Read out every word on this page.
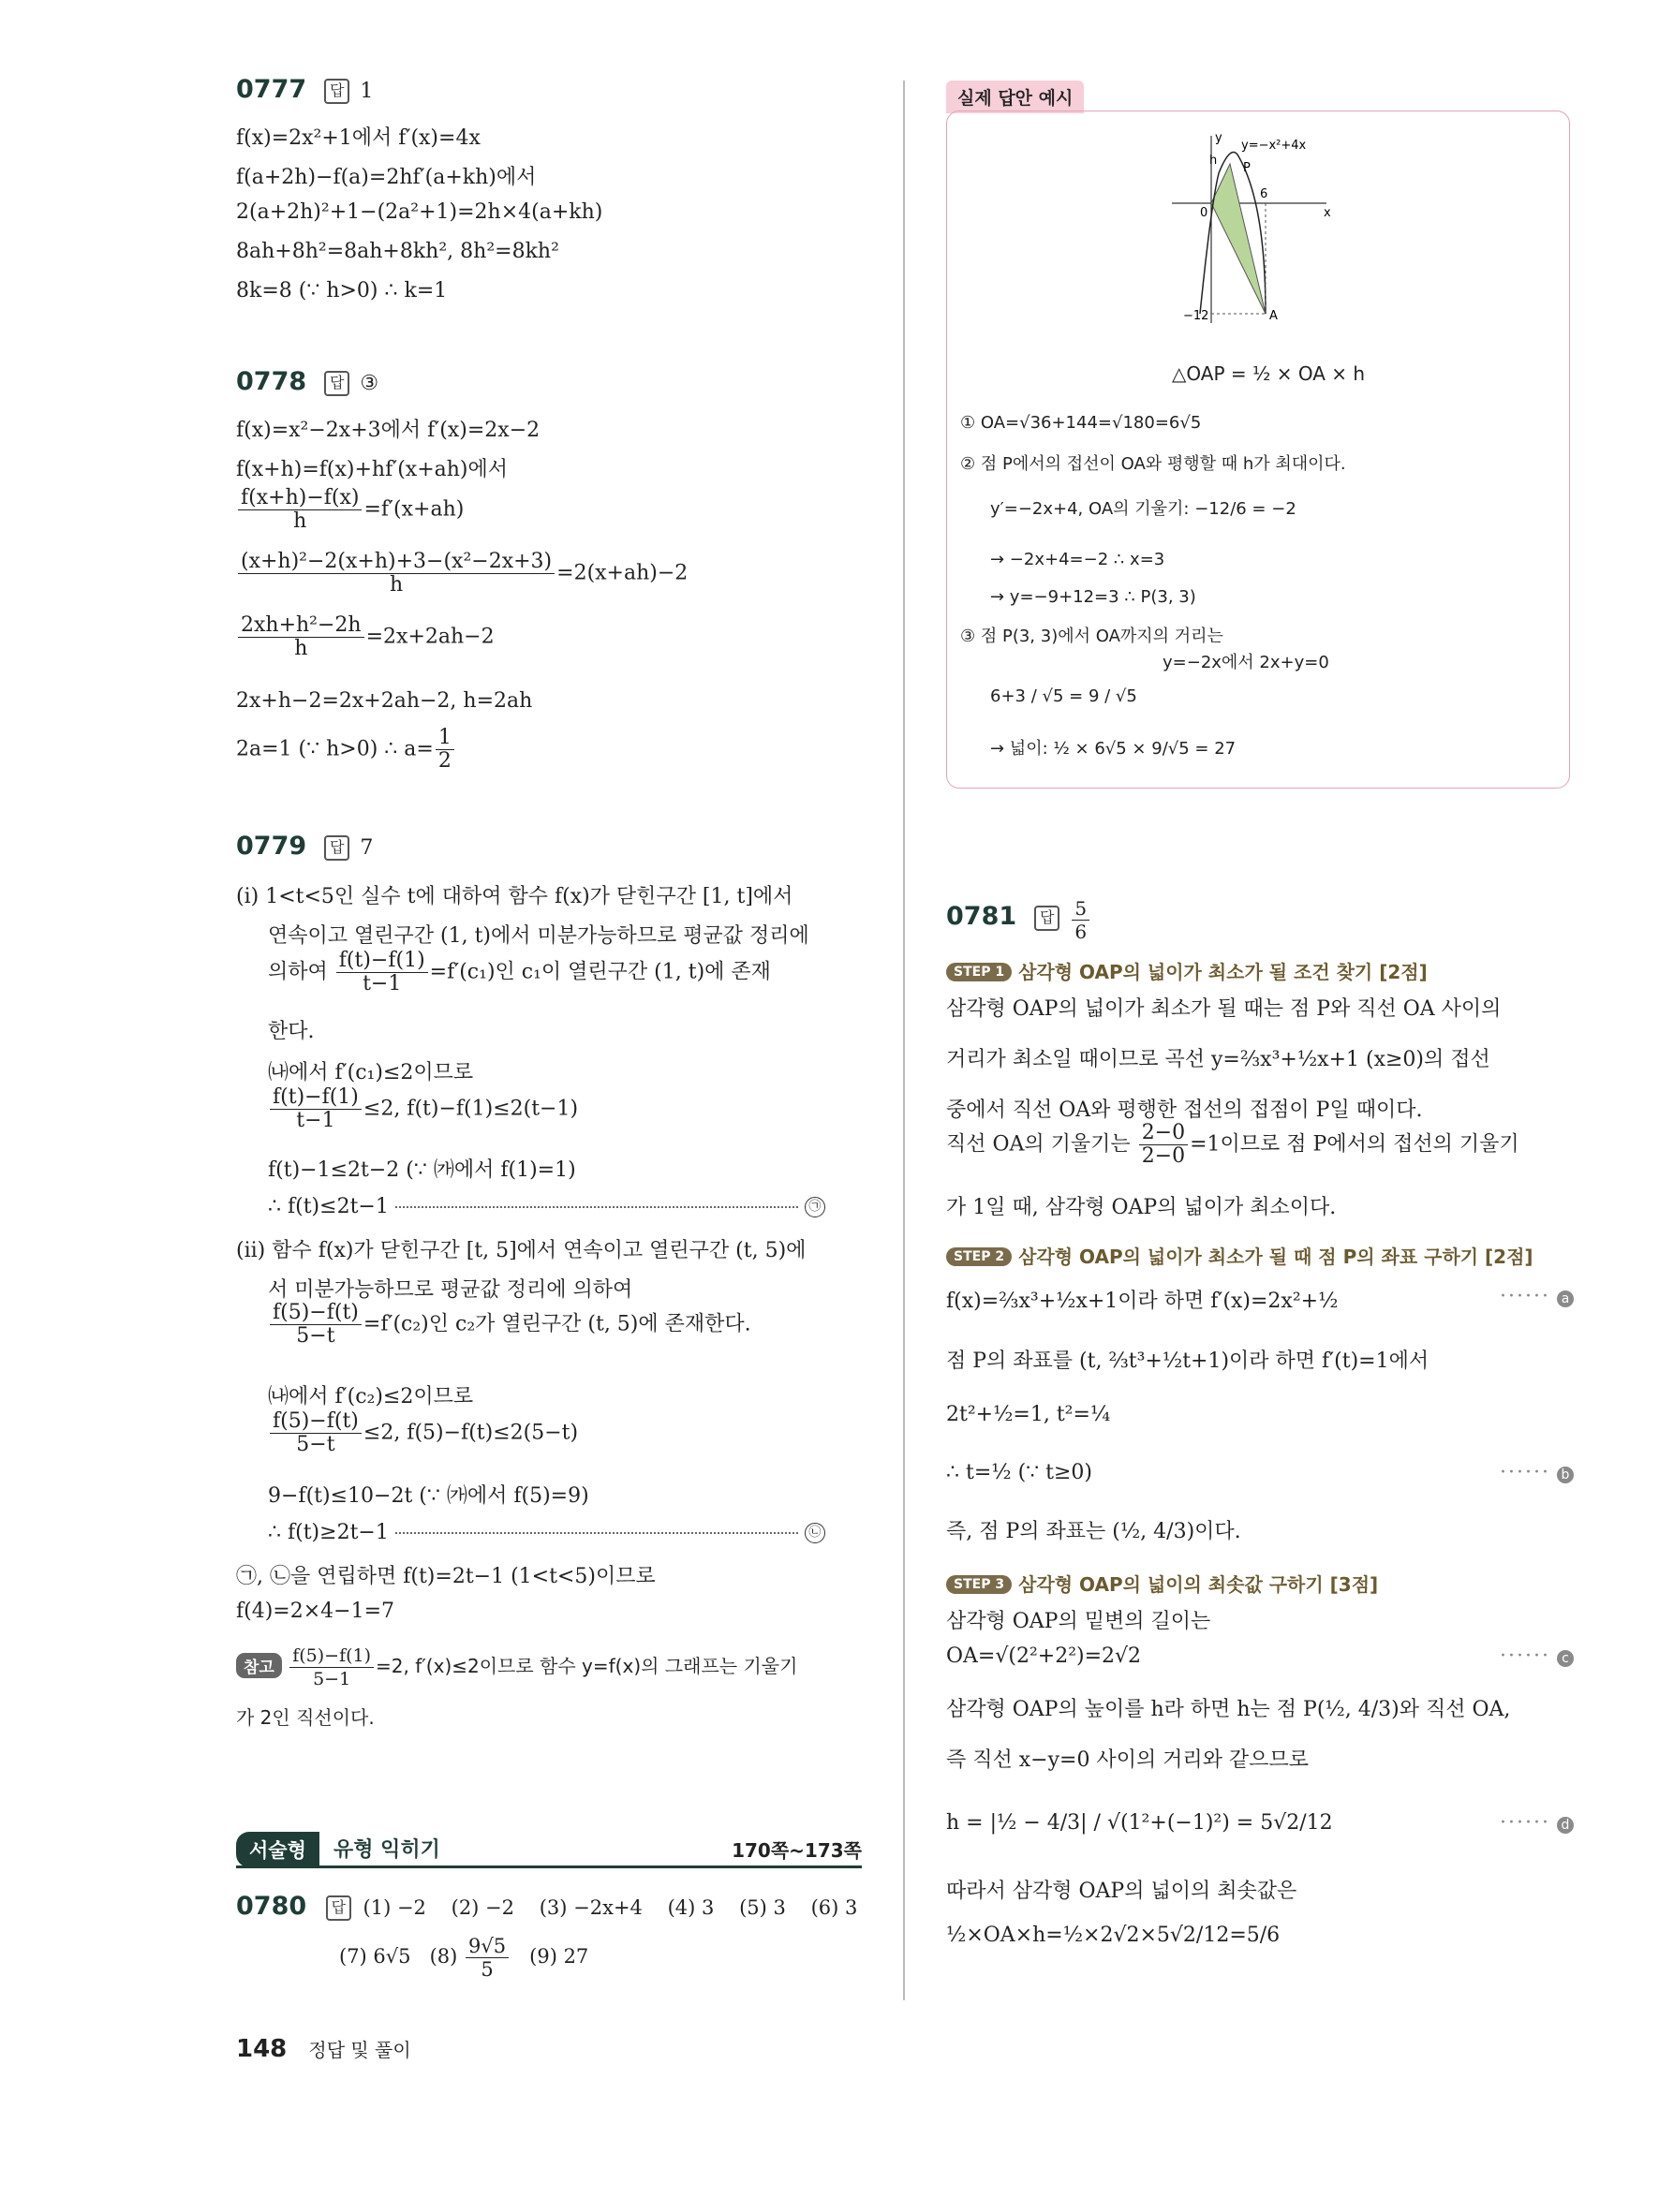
0777 답 1
f(x)=2x²+1에서 f′(x)=4x
f(a+2h)−f(a)=2hf′(a+kh)에서
2(a+2h)²+1−(2a²+1)=2h×4(a+kh)
8ah+8h²=8ah+8kh², 8h²=8kh²
8k=8 (∵ h>0) ∴ k=1
0778 답 ③
f(x)=x²−2x+3에서 f′(x)=2x−2
f(x+h)=f(x)+hf′(x+ah)에서
$\frac{f(x+h)-f(x)}{h} =f'(x+ah)$
$\frac{\text{(x+h)²−2(x+h)+3−(x²−2x+3)}}{h} =2(x+ah)-2$
$\frac{\text{2xh+h²−2h}}{h} =2x+2ah-2$
2x+h−2=2x+2ah−2, h=2ah
2a=1 (∵ h>0) ∴ $a= \frac{1}{2}$
0779 답 7
(ⅰ) 1<t<5인 실수 t에 대하여 함수 f(x)가 닫힌구간 [1, t]에서
연속이고 열린구간 (1, t)에서 미분가능하므로 평균값 정리에
의하여 $\frac{f(t)-f(1)}{t-1} =f'(c_1)$인 c₁이 열린구간 (1, t)에 존재
한다.
㈏에서 f′(c₁)≤2이므로
$\frac{f(t)-f(1)}{t-1} \le 2$, f(t)−f(1)≤2(t−1)
f(t)−1≤2t−2 (∵ ㈎에서 f(1)=1)
∴ f(t)≤2t−1	㉠
(ⅱ) 함수 f(x)가 닫힌구간 [t, 5]에서 연속이고 열린구간 (t, 5)에
서 미분가능하므로 평균값 정리에 의하여
$\frac{f(5)-f(t)}{5-t} =f'(c_2)$인 c₂가 열린구간 (t, 5)에 존재한다.
㈏에서 f′(c₂)≤2이므로
$\frac{f(5)-f(t)}{5-t} \le 2$, f(5)−f(t)≤2(5−t)
9−f(t)≤10−2t (∵ ㈎에서 f(5)=9)
∴ f(t)≥2t−1	㉡
㉠, ㉡을 연립하면 f(t)=2t−1 (1<t<5)이므로
f(4)=2×4−1=7
참고 $\frac{f(5)-f(1)}{5-1} =2$, f′(x)≤2이므로 함수 y=f(x)의 그래프는 기울기
가 2인 직선이다.
서술형	유형 익히기	170쪽~173쪽
0780 답 (1) −2 (2) −2 (3) −2x+4 (4) 3 (5) 3 (6) 3
(7) 6√5 $(8) \frac{9√5}{5} (9)$ 27
실제 답안 예시
y
y=−x²+4x
h
P
6
0	x
−12	A
△OAP = ½ × OA × h
① OA=√36+144=√180=6√5
② 점 P에서의 접선이 OA와 평행할 때 h가 최대이다.
y′=−2x+4, OA의 기울기: −12/6 = −2
→ −2x+4=−2 ∴ x=3
→ y=−9+12=3 ∴ P(3, 3)
③ 점 P(3, 3)에서 OA까지의 거리는
y=−2x에서 2x+y=0
6+3 / √5 = 9 / √5
→ 넓이: ½ × 6√5 × 9/√5 = 27
0781 답 $\frac{5}{6}$
STEP 1 삼각형 OAP의 넓이가 최소가 될 조건 찾기 [2점]
삼각형 OAP의 넓이가 최소가 될 때는 점 P와 직선 OA 사이의
거리가 최소일 때이므로 곡선 y=⅔x³+½x+1 (x≥0)의 접선
중에서 직선 OA와 평행한 접선의 접점이 P일 때이다.
직선 OA의 기울기는 $\frac{2-0}{2-0} =1$이므로 점 P에서의 접선의 기울기
가 1일 때, 삼각형 OAP의 넓이가 최소이다.
STEP 2 삼각형 OAP의 넓이가 최소가 될 때 점 P의 좌표 구하기 [2점]
f(x)=⅔x³+½x+1이라 하면 f′(x)=2x²+½	······ a
점 P의 좌표를 (t, ⅔t³+½t+1)이라 하면 f′(t)=1에서
2t²+½=1, t²=¼
∴ t=½ (∵ t≥0)	······ b
즉, 점 P의 좌표는 (½, 4/3)이다.
STEP 3 삼각형 OAP의 넓이의 최솟값 구하기 [3점]
삼각형 OAP의 밑변의 길이는
OA=√(2²+2²)=2√2	······ c
삼각형 OAP의 높이를 h라 하면 h는 점 P(½, 4/3)와 직선 OA,
즉 직선 x−y=0 사이의 거리와 같으므로
h = |½ − 4/3| / √(1²+(−1)²) = 5√2/12	······ d
따라서 삼각형 OAP의 넓이의 최솟값은
½×OA×h=½×2√2×5√2/12=5/6
148 정답 및 풀이
